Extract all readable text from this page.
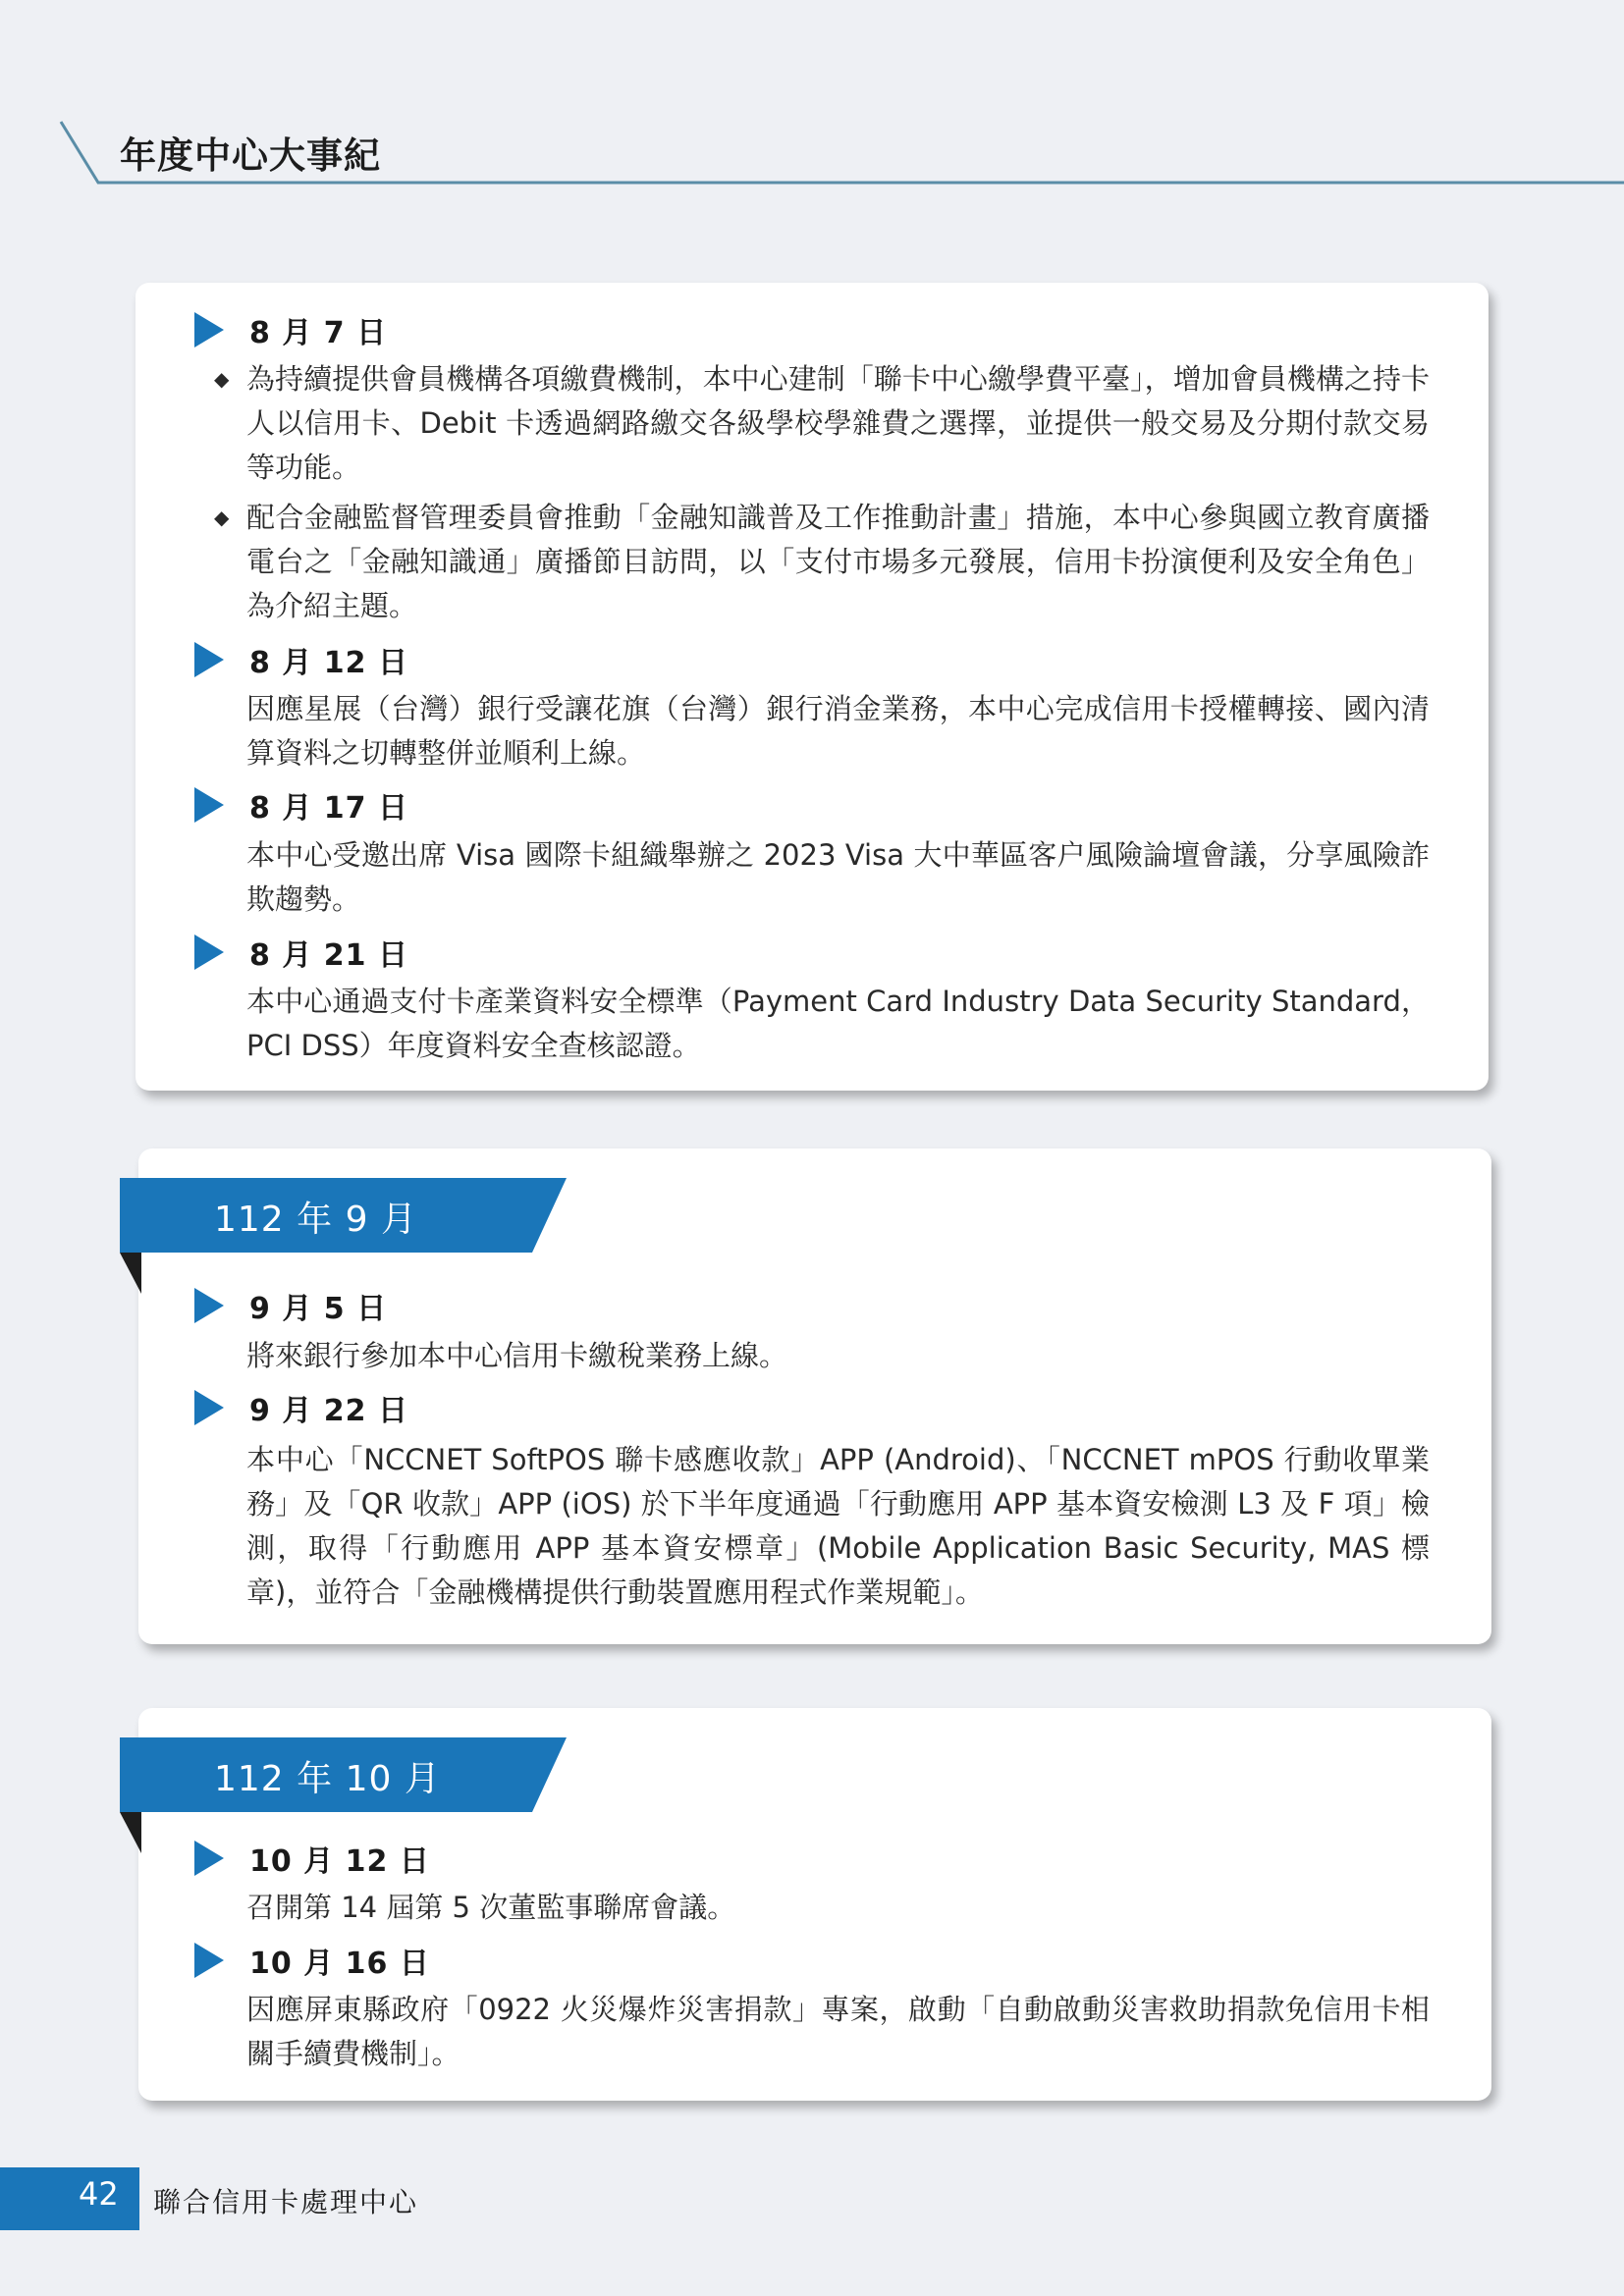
年度中心大事紀
8 月 7 日
◆ 為持續提供會員機構各項繳費機制，本中心建制「聯卡中心繳學費平臺」，增加會員機構之持卡人以信用卡、Debit 卡透過網路繳交各級學校學雜費之選擇，並提供一般交易及分期付款交易等功能。

◆ 配合金融監督管理委員會推動「金融知識普及工作推動計畫」措施，本中心參與國立教育廣播電台之「金融知識通」廣播節目訪問，以「支付市場多元發展，信用卡扮演便利及安全角色」為介紹主題。

8 月 12 日

因應星展（台灣）銀行受讓花旗（台灣）銀行消金業務，本中心完成信用卡授權轉接、國內清算資料之切轉整併並順利上線。

8 月 17 日

本中心受邀出席 Visa 國際卡組織舉辦之 2023 Visa 大中華區客户風險論壇會議，分享風險詐欺趨勢。

8 月 21 日

本中心通過支付卡產業資料安全標準（Payment Card Industry Data Security Standard，PCI DSS）年度資料安全查核認證。

112 年 9 月
9 月 5 日

將來銀行參加本中心信用卡繳稅業務上線。

9 月 22 日

本中心「NCCNET SoftPOS 聯卡感應收款」APP (Android)、「NCCNET mPOS 行動收單業務」及「QR 收款」APP (iOS) 於下半年度通過「行動應用 APP 基本資安檢測 L3 及 F 項」檢測，取得「行動應用 APP 基本資安標章」(Mobile Application Basic Security, MAS 標章)，並符合「金融機構提供行動裝置應用程式作業規範」。

112 年 10 月
10 月 12 日

召開第 14 屆第 5 次董監事聯席會議。

10 月 16 日

因應屏東縣政府「0922 火災爆炸災害捐款」專案，啟動「自動啟動災害救助捐款免信用卡相關手續費機制」。

42 聯合信用卡處理中心
